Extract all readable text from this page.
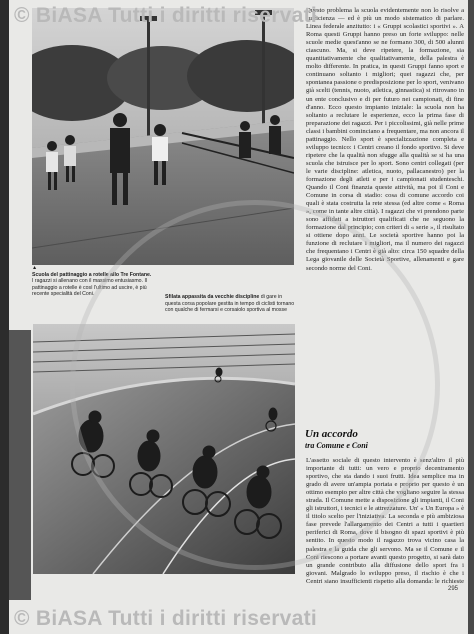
▲
Scuola del pattinaggio a rotelle allo Tre Fontane. I ragazzi si allenano con il massimo entusiasmo. Il pattinaggio a rotelle è così l'ultimo ad uscire, è più recente specialità del Coni.	Sfilata appassita da vecchie discipline di gare in questa corsa popolare gestita in tempo di ciclisti tornano con qualche di fermarsi e corsaiolo sportiva al mosse
Questo problema la scuola evidentemente non lo risolve a sufficienza — ed è più un modo sistematico di parlare. Linea federale anzitutto: i « Gruppi scolastici sportivi ». A Roma questi Gruppi hanno preso un forte sviluppo: nelle scuole medie quest'anno se ne formano 300, di 500 alunni ciascuno. Ma, si deve ripetere, la formazione, sia quantitativamente che qualitativamente, della palestra è molto differente. In pratica, in questi Gruppi fanno sport e continuano soltanto i migliori; quei ragazzi che, per spontanea passione o predisposizione per lo sport, venivano già scelti (tennis, nuoto, atletica, ginnastica) si ritrovano in un ente conclusivo e di per futuro nei campionati, di fine d'anno. Ecco questo impianto iniziale: la scuola non ha soltanto a reclutare le esperienze, ecco la prima fase di preparazione dei ragazzi. Per i piccolissimi, già nelle prime classi i bambini cominciano a frequentare, ma non ancora il pattinaggio. Nello sport è specializzazione completa e sviluppo tecnico: i Centri creano il fondo sportivo. Si deve ripetere che la qualità non sfugge alla qualità se si ha una scuola che istruisce per lo sport. Sono centri collegati (per le varie discipline: atletica, nuoto, pallacanestro) per la formazione degli atleti e per i campionati studenteschi. Quando il Coni finanzia queste attività, ma poi il Coni e Comune in corsa di stadio: cosa di comune accordo coi quali è stata costruita la rete stessa (ed altre come « Roma », come in tante altre città). I ragazzi che vi prendono parte sono affidati a istruttori qualificati che ne seguono la formazione dal principio; con criteri di « serie », il risultato si ottiene dopo anni. Le società sportive hanno poi la funzione di reclutare i migliori, ma il numero dei ragazzi che frequentano i Centri è già alto: circa 150 squadre della Lega giovanile delle Società Sportive, allenamenti e gare secondo norme del Coni.
Un accordo
tra Comune e Coni
L'assetto sociale di questo intervento è senz'altro il più importante di tutti: un vero e proprio decentramento sportivo, che sta dando i suoi frutti. Idea semplice ma in grado di avere un'ampia portata e proprio per questo è un ottimo esempio per altre città che vogliano seguire la stessa strada. Il Comune mette a disposizione gli impianti, il Coni gli istruttori, i tecnici e le attrezzature. Un' « Un Europa » è il titolo scelto per l'iniziativa. La seconda e più ambiziosa fase prevede l'allargamento dei Centri a tutti i quartieri periferici di Roma, dove il bisogno di spazi sportivi è più sentito. In questo modo il ragazzo trova vicino casa la palestra e la guida che gli servono. Ma se il Comune e il Coni riescono a portare avanti questo progetto, si sarà dato un grande contributo alla diffusione dello sport fra i giovani. Malgrado lo sviluppo preso, il rischio è che i Centri siano insufficienti rispetto alla domanda: le richieste
295
© BiASA Tutti i diritti riservati
© BiASA Tutti i diritti riservati
